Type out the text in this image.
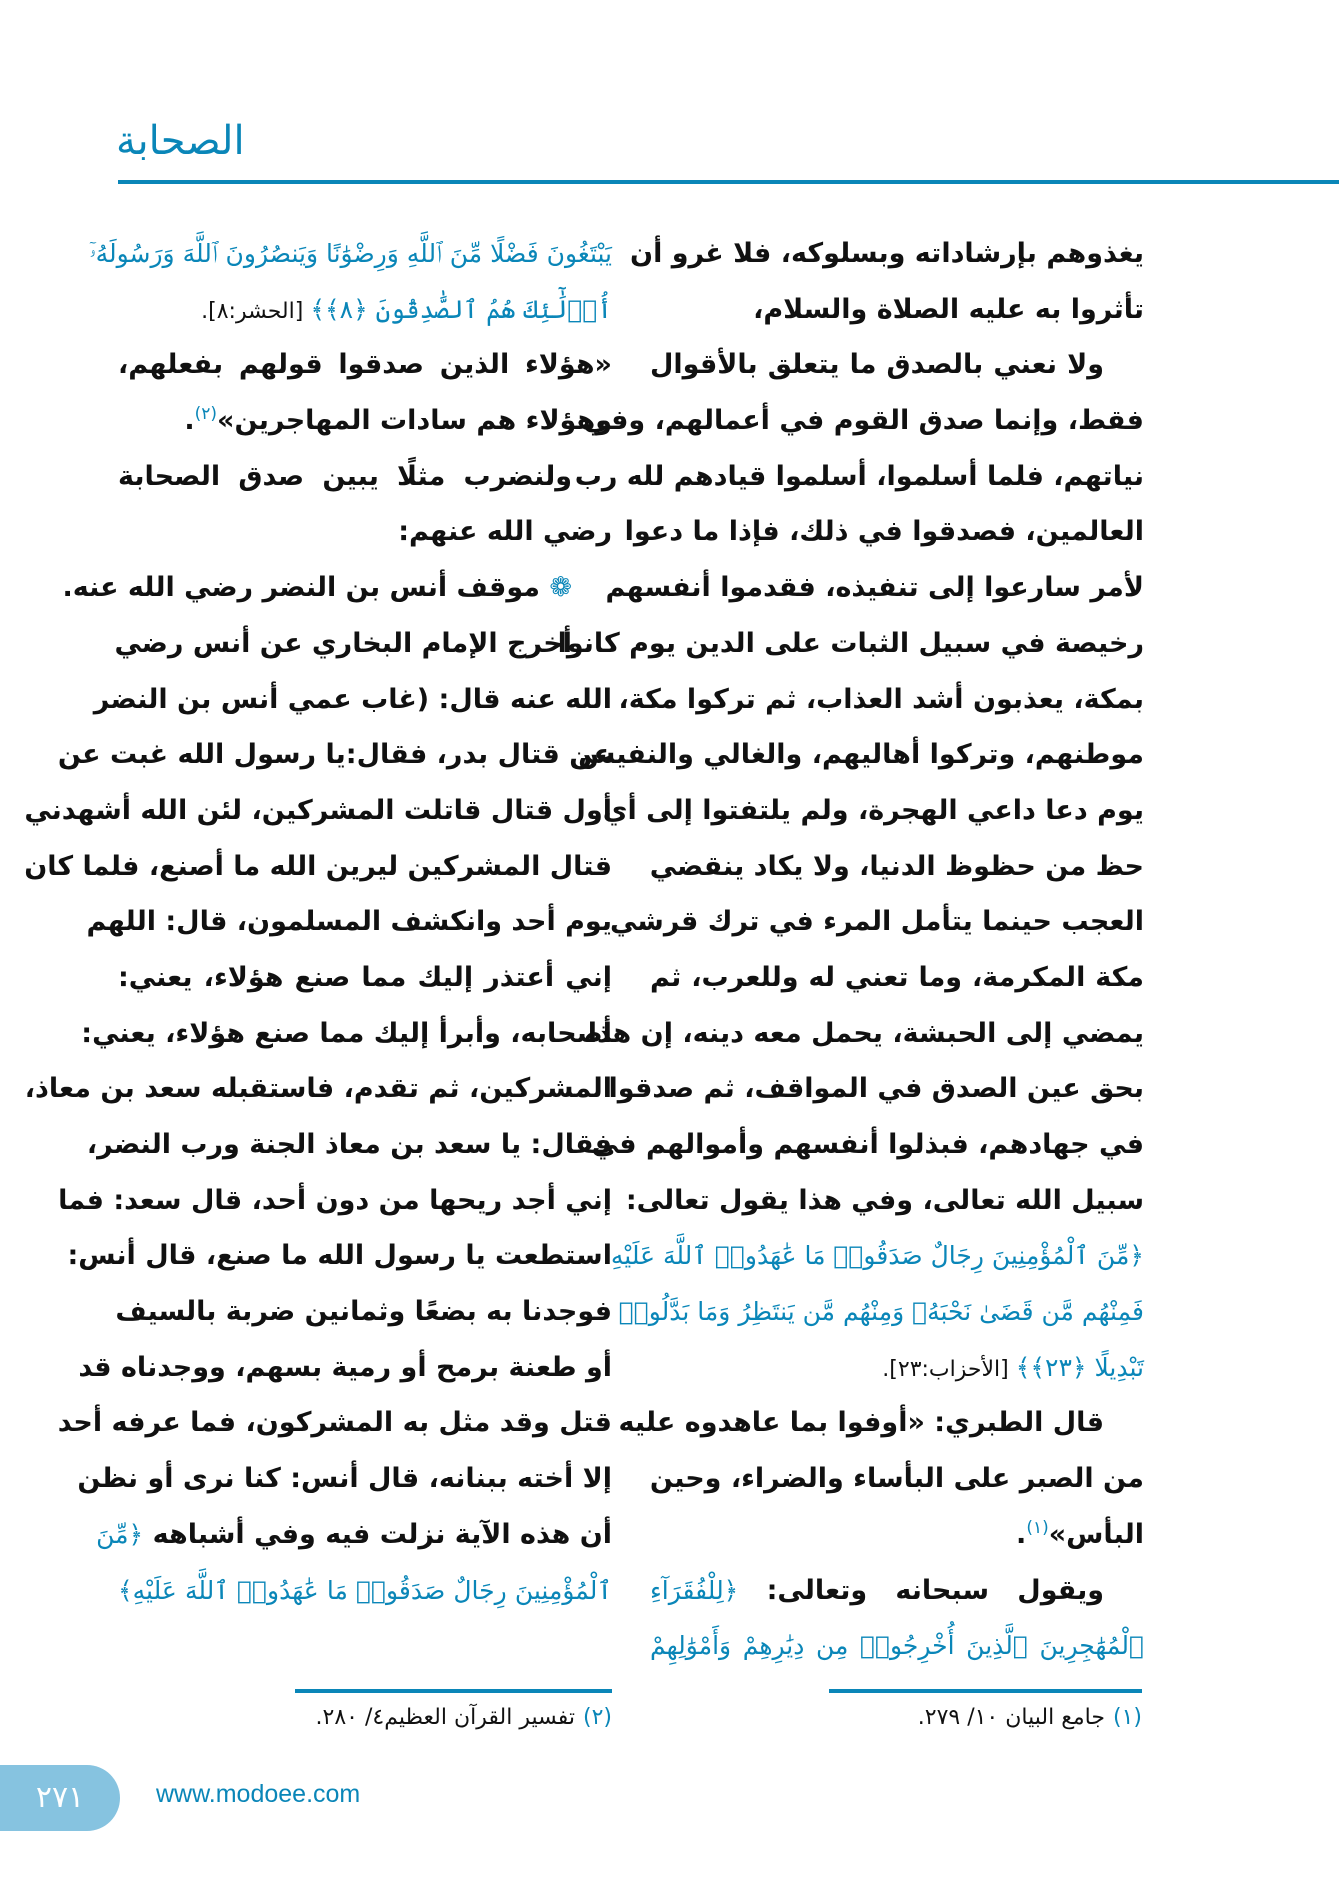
الصحابة
يغذوهم بإرشاداته وبسلوكه، فلا غرو أن
تأثروا به عليه الصلاة والسلام،
ولا نعني بالصدق ما يتعلق بالأقوال
فقط، وإنما صدق القوم في أعمالهم، وفي
نياتهم، فلما أسلموا، أسلموا قيادهم لله رب
العالمين، فصدقوا في ذلك، فإذا ما دعوا
لأمر سارعوا إلى تنفيذه، فقدموا أنفسهم
رخيصة في سبيل الثبات على الدين يوم كانوا
بمكة، يعذبون أشد العذاب، ثم تركوا مكة،
موطنهم، وتركوا أهاليهم، والغالي والنفيس
يوم دعا داعي الهجرة، ولم يلتفتوا إلى أي
حظ من حظوظ الدنيا، ولا يكاد ينقضي
العجب حينما يتأمل المرء في ترك قرشي
مكة المكرمة، وما تعني له وللعرب، ثم
يمضي إلى الحبشة، يحمل معه دينه، إن هذا
بحق عين الصدق في المواقف، ثم صدقوا
في جهادهم، فبذلوا أنفسهم وأموالهم في
سبيل الله تعالى، وفي هذا يقول تعالى:
﴿مِّنَ ٱلْمُؤْمِنِينَ رِجَالٌ صَدَقُوا۟ مَا عَٰهَدُوا۟ ٱللَّهَ عَلَيْهِ
فَمِنْهُم مَّن قَضَىٰ نَحْبَهُۥ وَمِنْهُم مَّن يَنتَظِرُ وَمَا بَدَّلُوا۟
تَبْدِيلًا ﴿٢٣﴾﴾ [الأحزاب:٢٣].
قال الطبري: «أوفوا بما عاهدوه عليه
من الصبر على البأساء والضراء، وحين
البأس»$^{(١)}$.
ويقول سبحانه وتعالى: ﴿لِلْفُقَرَآءِ
ٱلْمُهَٰجِرِينَ ٱلَّذِينَ أُخْرِجُوا۟ مِن دِيَٰرِهِمْ وَأَمْوَٰلِهِمْ
يَبْتَغُونَ فَضْلًا مِّنَ ٱللَّهِ وَرِضْوَٰنًا وَيَنصُرُونَ ٱللَّهَ وَرَسُولَهُۥٓ
أُو۟لَٰٓئِكَ هُمُ ٱلصَّٰدِقُونَ ﴿٨﴾﴾ [الحشر:٨].
«هؤلاء الذين صدقوا قولهم بفعلهم،
وهؤلاء هم سادات المهاجرين»$^{(٢)}$.
ولنضرب مثلًا يبين صدق الصحابة
رضي الله عنهم:
❁ موقف أنس بن النضر رضي الله عنه.
أخرج الإمام البخاري عن أنس رضي
الله عنه قال: (غاب عمي أنس بن النضر
عن قتال بدر، فقال:يا رسول الله غبت عن
أول قتال قاتلت المشركين، لئن الله أشهدني
قتال المشركين ليرين الله ما أصنع، فلما كان
يوم أحد وانكشف المسلمون، قال: اللهم
إني أعتذر إليك مما صنع هؤلاء، يعني:
أصحابه، وأبرأ إليك مما صنع هؤلاء، يعني:
المشركين، ثم تقدم، فاستقبله سعد بن معاذ،
فقال: يا سعد بن معاذ الجنة ورب النضر،
إني أجد ريحها من دون أحد، قال سعد: فما
استطعت يا رسول الله ما صنع، قال أنس:
فوجدنا به بضعًا وثمانين ضربة بالسيف
أو طعنة برمح أو رمية بسهم، ووجدناه قد
قتل وقد مثل به المشركون، فما عرفه أحد
إلا أخته ببنانه، قال أنس: كنا نرى أو نظن
أن هذه الآية نزلت فيه وفي أشباهه ﴿مِّنَ
ٱلْمُؤْمِنِينَ رِجَالٌ صَدَقُوا۟ مَا عَٰهَدُوا۟ ٱللَّهَ عَلَيْهِ﴾
(١)جامع البيان ١٠/ ٢٧٩.
(٢)تفسير القرآن العظيم٤/ ٢٨٠.
٢٧١	www.modoee.com
